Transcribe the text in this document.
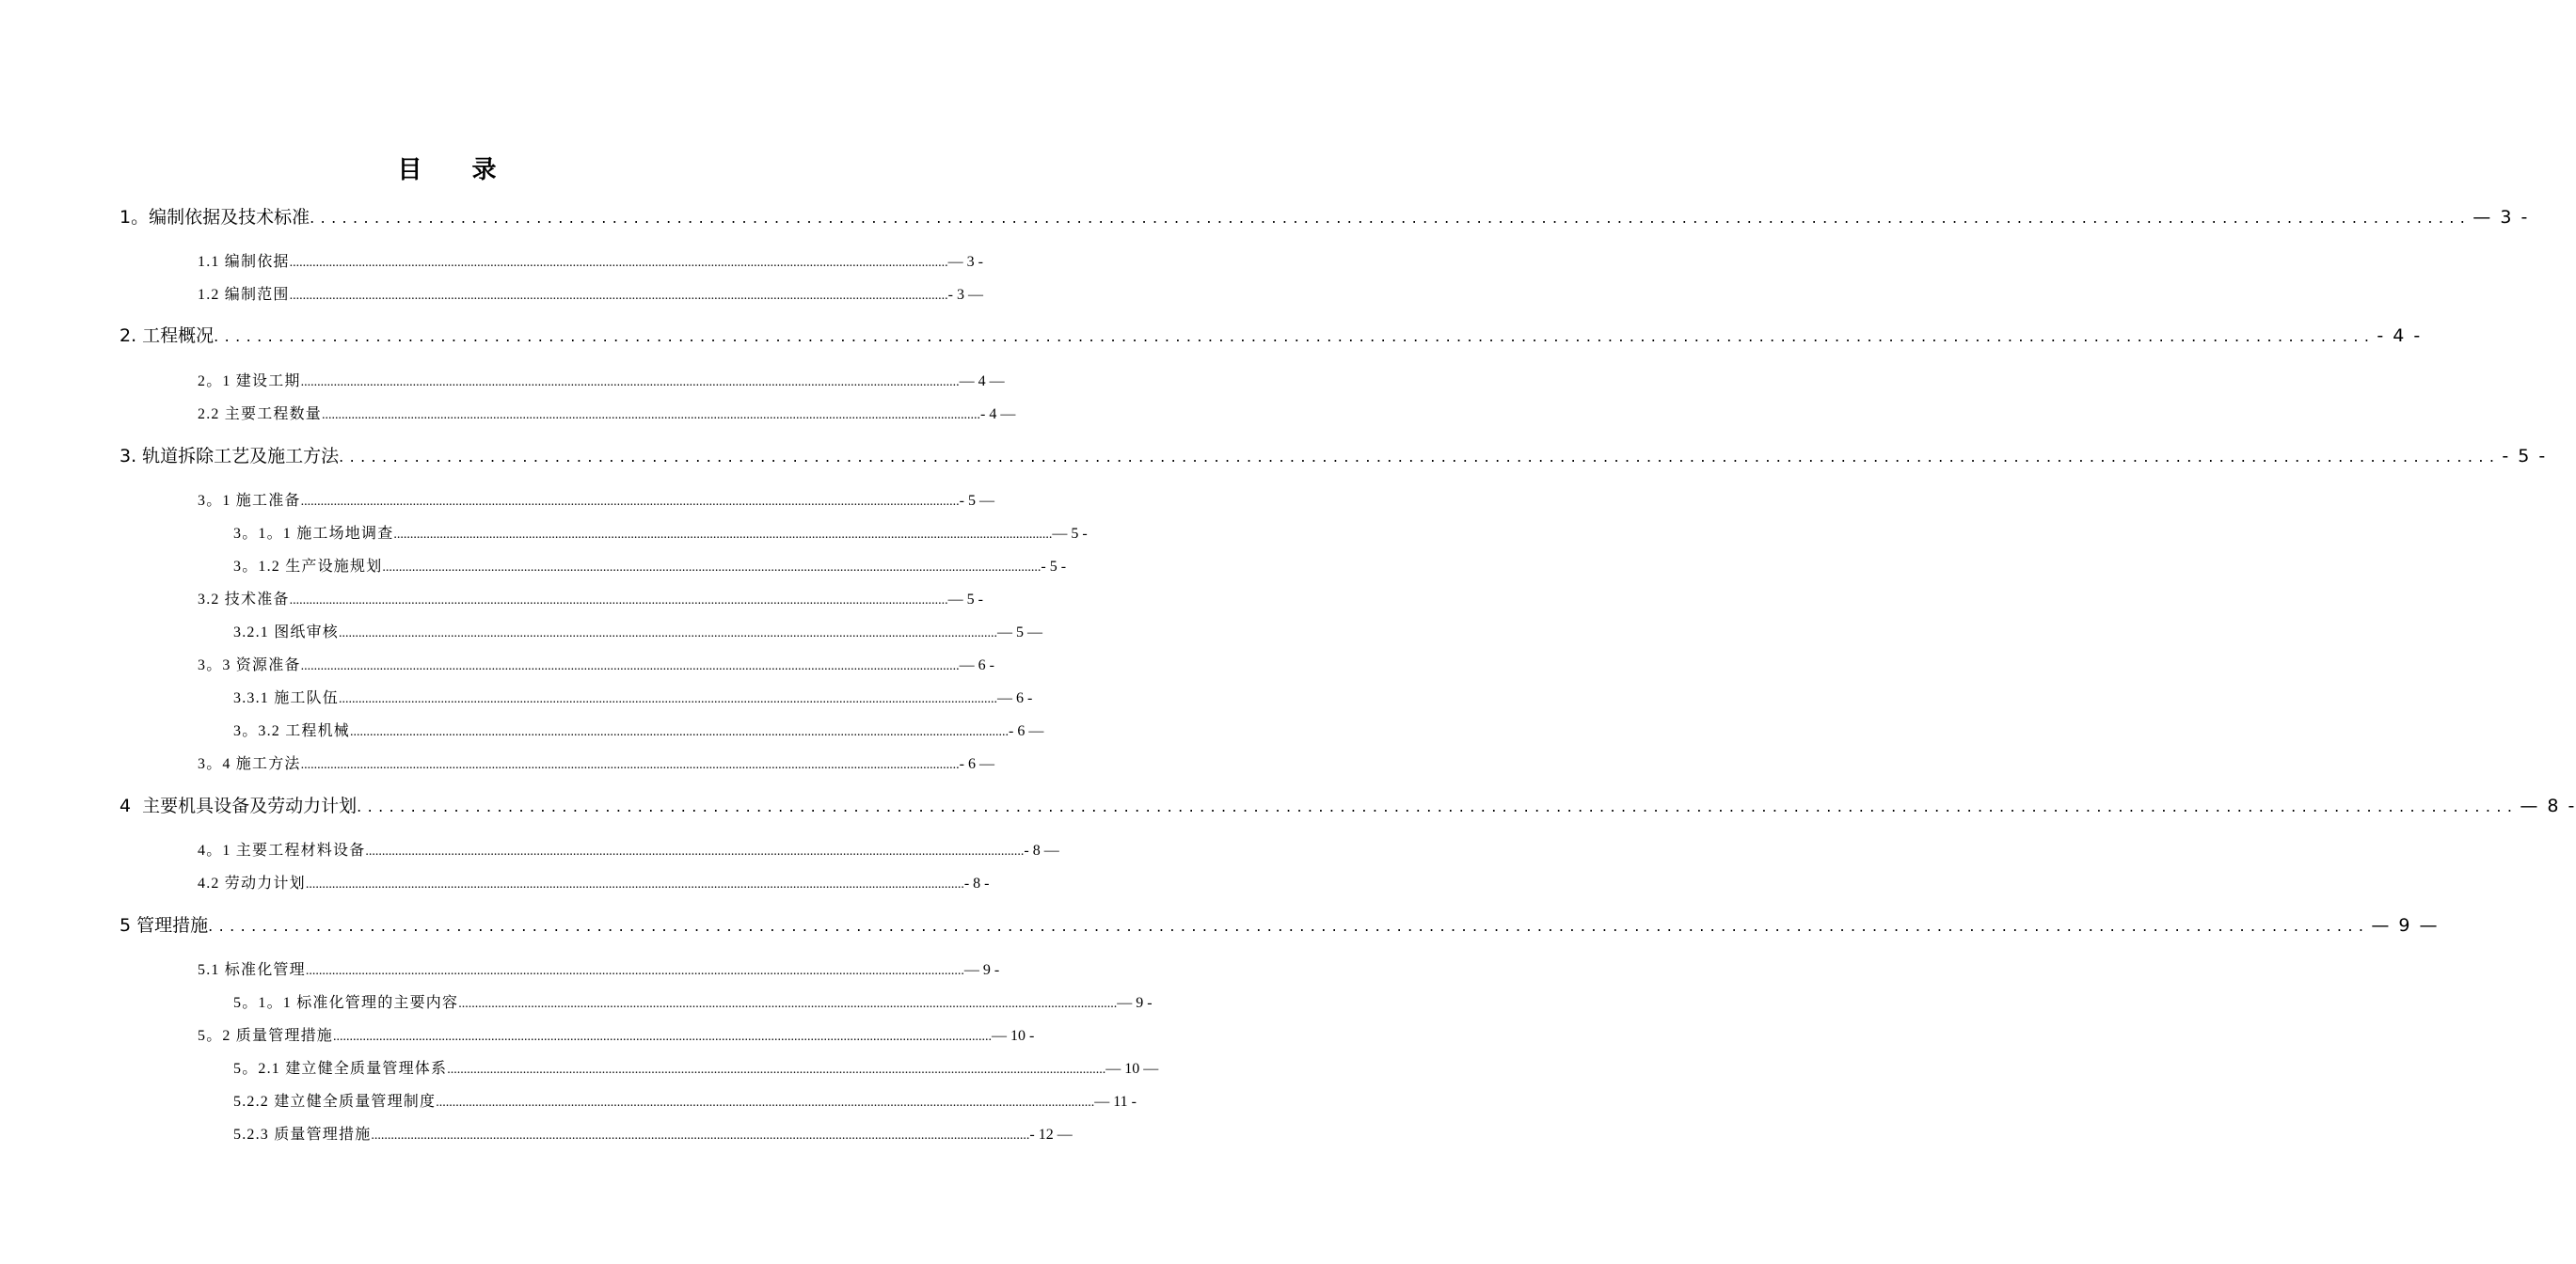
目 录
1。编制依据及技术标准 ........................................................................................................................................................................................................ — 3 -
1.1 编制依据 ........................................................................................................................................................................................................ — 3 -
1.2 编制范围 ........................................................................................................................................................................................................ - 3 —
2. 工程概况 ........................................................................................................................................................................................................ - 4 -
2。1 建设工期 ........................................................................................................................................................................................................ — 4 —
2.2 主要工程数量 ........................................................................................................................................................................................................ - 4 —
3. 轨道拆除工艺及施工方法 ........................................................................................................................................................................................................ - 5 -
3。1 施工准备 ........................................................................................................................................................................................................ - 5 —
3。1。1 施工场地调查 ........................................................................................................................................................................................................ — 5 -
3。1.2 生产设施规划 ........................................................................................................................................................................................................ - 5 -
3.2 技术准备 ........................................................................................................................................................................................................ — 5 -
3.2.1 图纸审核 ........................................................................................................................................................................................................ — 5 —
3。3 资源准备 ........................................................................................................................................................................................................ — 6 -
3.3.1 施工队伍 ........................................................................................................................................................................................................ — 6 -
3。3.2 工程机械 ........................................................................................................................................................................................................ - 6 —
3。4 施工方法 ........................................................................................................................................................................................................ - 6 —
4  主要机具设备及劳动力计划 ........................................................................................................................................................................................................ — 8 -
4。1 主要工程材料设备 ........................................................................................................................................................................................................ - 8 —
4.2 劳动力计划 ........................................................................................................................................................................................................ - 8 -
5 管理措施 ........................................................................................................................................................................................................ — 9 —
5.1 标准化管理 ........................................................................................................................................................................................................ — 9 -
5。1。1 标准化管理的主要内容 ........................................................................................................................................................................................................ — 9 -
5。2 质量管理措施 ........................................................................................................................................................................................................ — 10 -
5。2.1 建立健全质量管理体系 ........................................................................................................................................................................................................ — 10 —
5.2.2 建立健全质量管理制度 ........................................................................................................................................................................................................ — 11 -
5.2.3 质量管理措施 ........................................................................................................................................................................................................ - 12 —
